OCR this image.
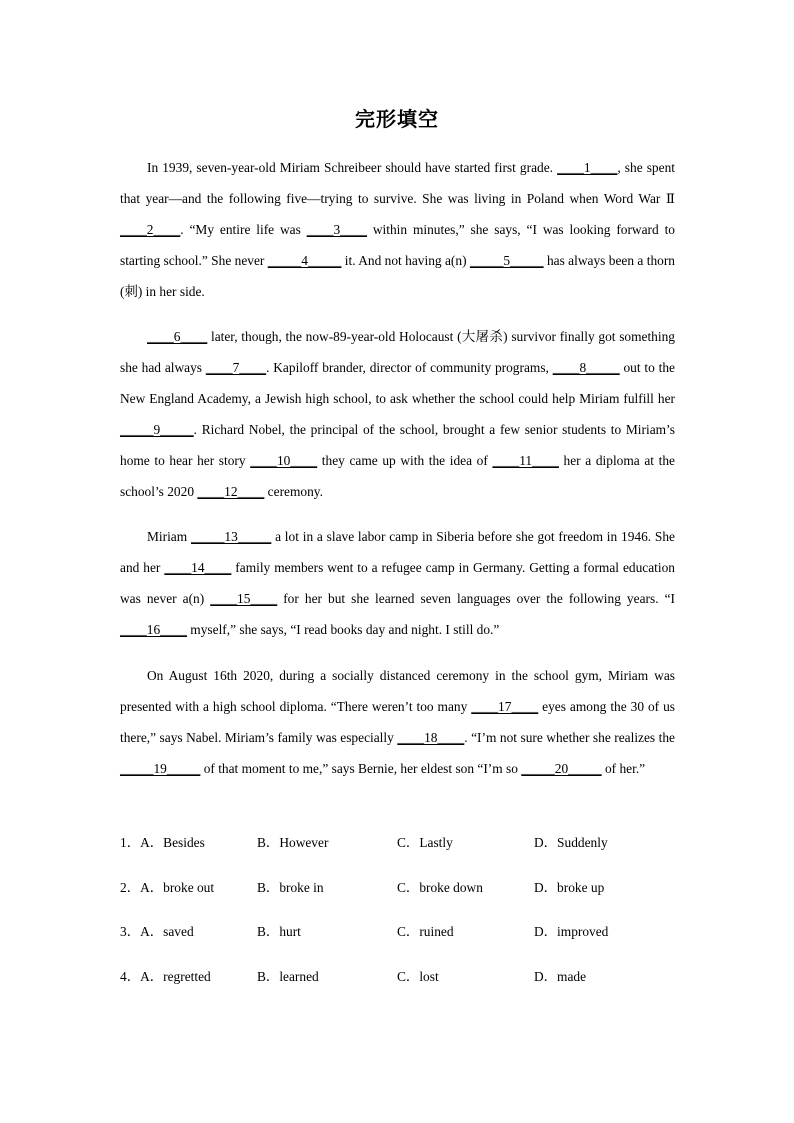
完形填空

In 1939, seven-year-old Miriam Schreibeer should have started first grade. ____1____, she spent that year—and the following five—trying to survive. She was living in Poland when Word War Ⅱ ____2____. “My entire life was ____3____ within minutes,” she says, “I was looking forward to starting school.” She never _____4_____ it. And not having a(n) _____5_____ has always been a thorn (刺) in her side.

____6____ later, though, the now-89-year-old Holocaust (大屠杀) survivor finally got something she had always ____7____. Kapiloff brander, director of community programs, ____8_____ out to the New England Academy, a Jewish high school, to ask whether the school could help Miriam fulfill her _____9_____. Richard Nobel, the principal of the school, brought a few senior students to Miriam’s home to hear her story ____10____ they came up with the idea of ____11____ her a diploma at the school’s 2020 ____12____ ceremony.

Miriam _____13_____ a lot in a slave labor camp in Siberia before she got freedom in 1946. She and her ____14____ family members went to a refugee camp in Germany. Getting a formal education was never a(n) ____15____ for her but she learned seven languages over the following years. “I ____16____ myself,” she says, “I read books day and night. I still do.”

On August 16th 2020, during a socially distanced ceremony in the school gym, Miriam was presented with a high school diploma. “There weren’t too many ____17____ eyes among the 30 of us there,” says Nabel. Miriam’s family was especially ____18____. “I’m not sure whether she realizes the _____19_____ of that moment to me,” says Bernie, her eldest son “I’m so _____20_____ of her.”

1．A．Besides	B．However	C．Lastly	D．Suddenly
2．A．broke out	B．broke in	C．broke down	D．broke up
3．A．saved	B．hurt	C．ruined	D．improved
4．A．regretted	B．learned	C．lost	D．made
